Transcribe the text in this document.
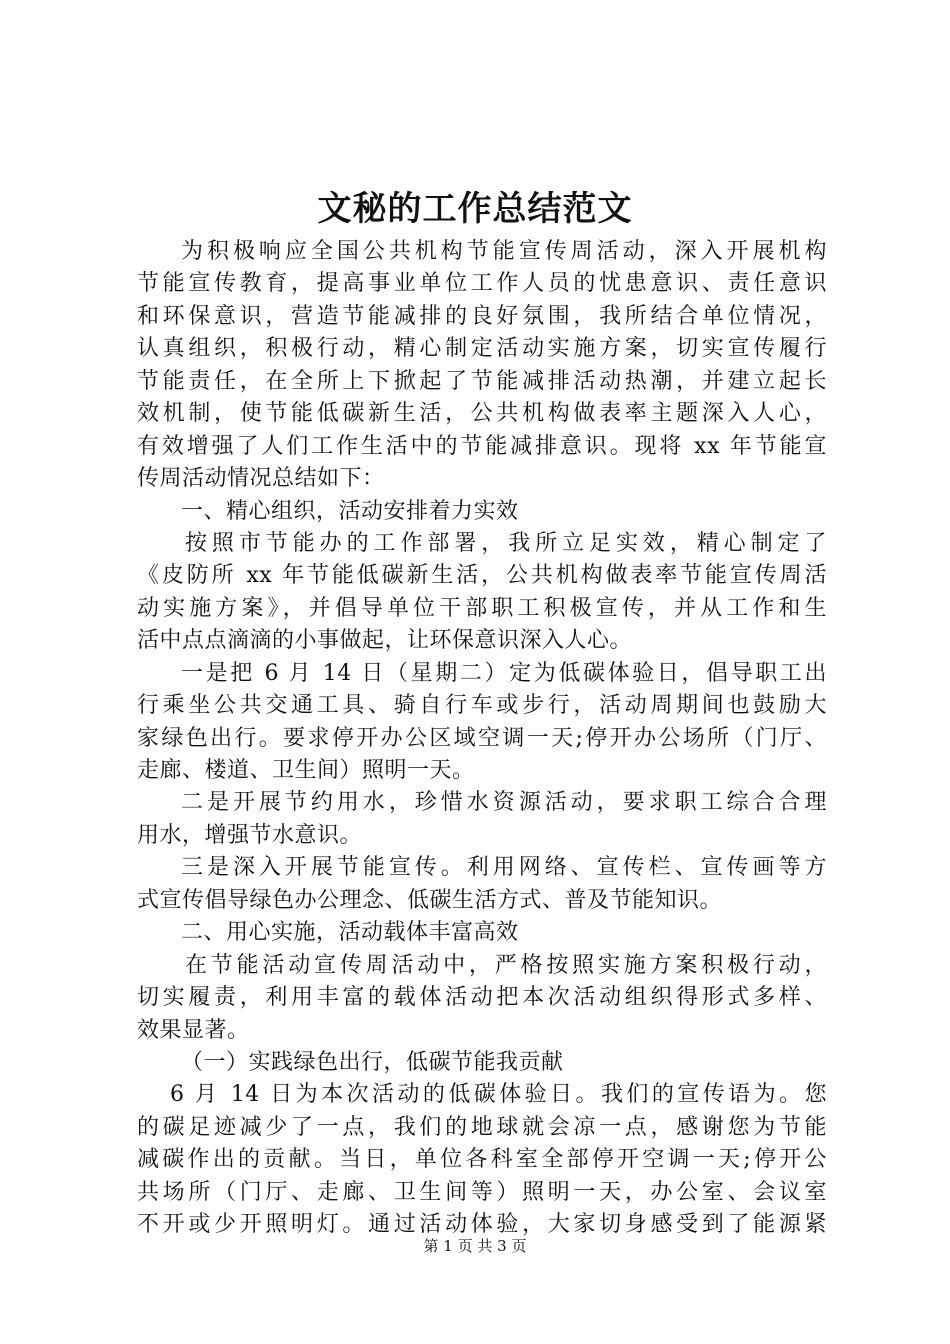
文秘的工作总结范文
为积极响应全国公共机构节能宣传周活动，深入开展机构
节能宣传教育，提高事业单位工作人员的忧患意识、责任意识
和环保意识，营造节能减排的良好氛围，我所结合单位情况，
认真组织，积极行动，精心制定活动实施方案，切实宣传履行
节能责任，在全所上下掀起了节能减排活动热潮，并建立起长
效机制，使节能低碳新生活，公共机构做表率主题深入人心，
有效增强了人们工作生活中的节能减排意识。现将 xx 年节能宣
传周活动情况总结如下：
一、精心组织，活动安排着力实效
按照市节能办的工作部署，我所立足实效，精心制定了
《皮防所 xx 年节能低碳新生活，公共机构做表率节能宣传周活
动实施方案》，并倡导单位干部职工积极宣传，并从工作和生
活中点点滴滴的小事做起，让环保意识深入人心。
一是把 6 月 14 日（星期二）定为低碳体验日，倡导职工出
行乘坐公共交通工具、骑自行车或步行，活动周期间也鼓励大
家绿色出行。要求停开办公区域空调一天;停开办公场所（门厅、
走廊、楼道、卫生间）照明一天。
二是开展节约用水，珍惜水资源活动，要求职工综合合理
用水，增强节水意识。
三是深入开展节能宣传。利用网络、宣传栏、宣传画等方
式宣传倡导绿色办公理念、低碳生活方式、普及节能知识。
二、用心实施，活动载体丰富高效
在节能活动宣传周活动中，严格按照实施方案积极行动，
切实履责，利用丰富的载体活动把本次活动组织得形式多样、
效果显著。
（一）实践绿色出行，低碳节能我贡献
6 月 14 日为本次活动的低碳体验日。我们的宣传语为。您
的碳足迹减少了一点，我们的地球就会凉一点，感谢您为节能
减碳作出的贡献。当日，单位各科室全部停开空调一天;停开公
共场所（门厅、走廊、卫生间等）照明一天，办公室、会议室
不开或少开照明灯。通过活动体验，大家切身感受到了能源紧
第 1 页 共 3 页
